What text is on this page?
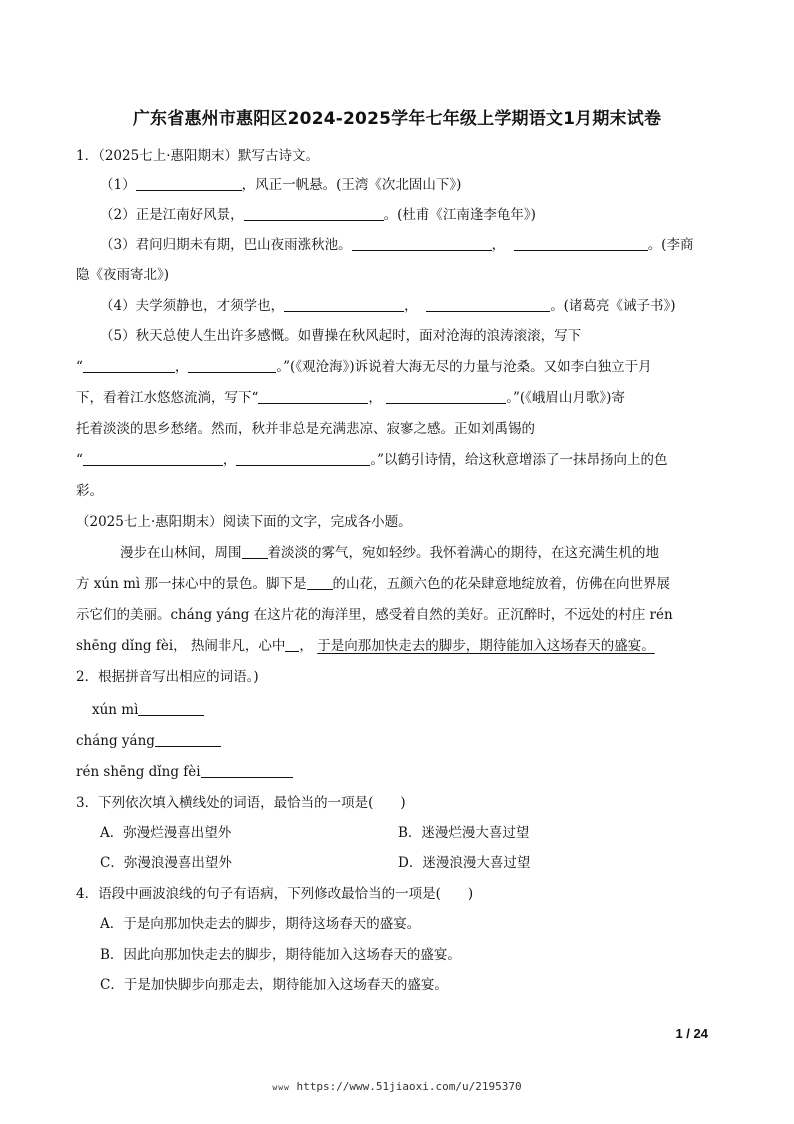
广东省惠州市惠阳区2024-2025学年七年级上学期语文1月期末试卷
1．（2025七上·惠阳期末）默写古诗文。
（1）	，风正一帆悬。(王湾《次北固山下》)
（2）正是江南好风景，	。(杜甫《江南逢李龟年》)
（3）君问归期未有期，巴山夜雨涨秋池。	，	。(李商
隐《夜雨寄北》)
（4）夫学须静也，才须学也，	，	。(诸葛亮《诫子书》)
（5）秋天总使人生出许多感慨。如曹操在秋风起时，面对沧海的浪涛滚滚，写下
“	，	。”(《观沧海》)诉说着大海无尽的力量与沧桑。又如李白独立于月
下，看着江水悠悠流淌，写下“	，	。”(《峨眉山月歌》)寄
托着淡淡的思乡愁绪。然而，秋并非总是充满悲凉、寂寥之感。正如刘禹锡的
“	，	。”以鹤引诗情，给这秋意增添了一抹昂扬向上的色
彩。
（2025七上·惠阳期末）阅读下面的文字，完成各小题。
漫步在山林间，周围 着淡淡的雾气，宛如轻纱。我怀着满心的期待，在这充满生机的地
方 xún mì 那一抹心中的景色。脚下是 的山花，五颜六色的花朵肆意地绽放着，仿佛在向世界展
示它们的美丽。cháng yáng 在这片花的海洋里，感受着自然的美好。正沉醉时，不远处的村庄 rén
shēng dǐng fèi， 热闹非凡，心中 ， 于是向那加快走去的脚步，期待能加入这场春天的盛宴。
2．根据拼音写出相应的词语。)
xún mì
cháng yáng
rén shēng dǐng fèi
3．下列依次填入横线处的词语，最恰当的一项是(　　)
A．弥漫烂漫喜出望外	B．迷漫烂漫大喜过望
C．弥漫浪漫喜出望外	D．迷漫浪漫大喜过望
4．语段中画波浪线的句子有语病，下列修改最恰当的一项是(　　)
A．于是向那加快走去的脚步，期待这场春天的盛宴。
B．因此向那加快走去的脚步，期待能加入这场春天的盛宴。
C．于是加快脚步向那走去，期待能加入这场春天的盛宴。
1 / 24
www https://www.51jiaoxi.com/u/2195370
